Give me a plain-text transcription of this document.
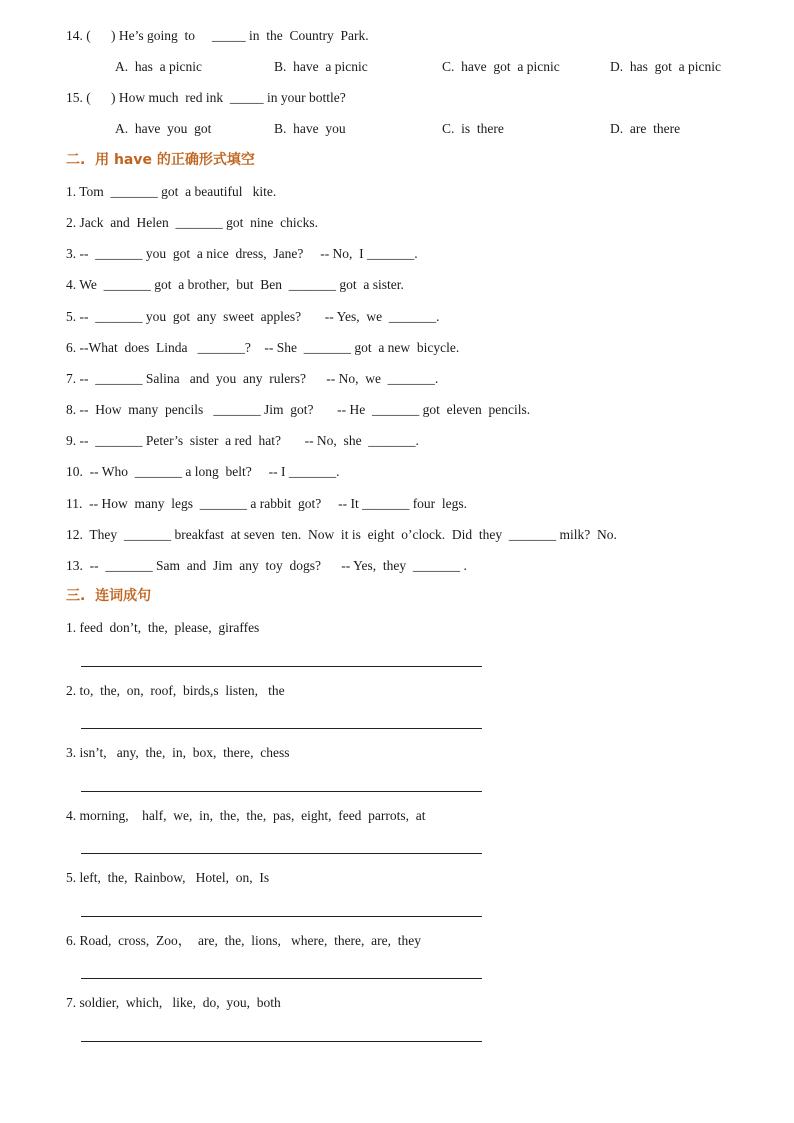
14. (      ) He’s going  to     _____ in  the  Country  Park.
A.  has  a picnic	B.  have  a picnic	C.  have  got  a picnic	D.  has  got  a picnic
15. (      ) How much  red ink  _____ in your bottle?
A.  have  you  got	B.  have  you	C.  is  there	D.  are  there
二.  用 have 的正确形式填空
1. Tom  _______ got  a beautiful   kite.
2. Jack  and  Helen  _______ got  nine  chicks.
3. --  _______ you  got  a nice  dress,  Jane?     -- No,  I _______.
4. We  _______ got  a brother,  but  Ben  _______ got  a sister.
5. --  _______ you  got  any  sweet  apples?       -- Yes,  we  _______.
6. --What  does  Linda   _______?    -- She  _______ got  a new  bicycle.
7. --  _______ Salina   and  you  any  rulers?      -- No,  we  _______.
8. --  How  many  pencils   _______ Jim  got?       -- He  _______ got  eleven  pencils.
9. --  _______ Peter’s  sister  a red  hat?       -- No,  she  _______.
10.  -- Who  _______ a long  belt?     -- I _______.
11.  -- How  many  legs  _______ a rabbit  got?     -- It _______ four  legs.
12.  They  _______ breakfast  at seven  ten.  Now  it is  eight  o’clock.  Did  they  _______ milk?  No.
13.  --  _______ Sam  and  Jim  any  toy  dogs?      -- Yes,  they  _______ .
三.  连词成句
1. feed  don’t,  the,  please,  giraffes
2. to,  the,  on,  roof,  birds,s  listen,   the
3. isn’t,   any,  the,  in,  box,  there,  chess
4. morning,    half,  we,  in,  the,  the,  pas,  eight,  feed  parrots,  at
5. left,  the,  Rainbow,   Hotel,  on,  Is
6. Road,  cross,  Zoo，  are,  the,  lions,   where,  there,  are,  they
7. soldier,  which,   like,  do,  you,  both
